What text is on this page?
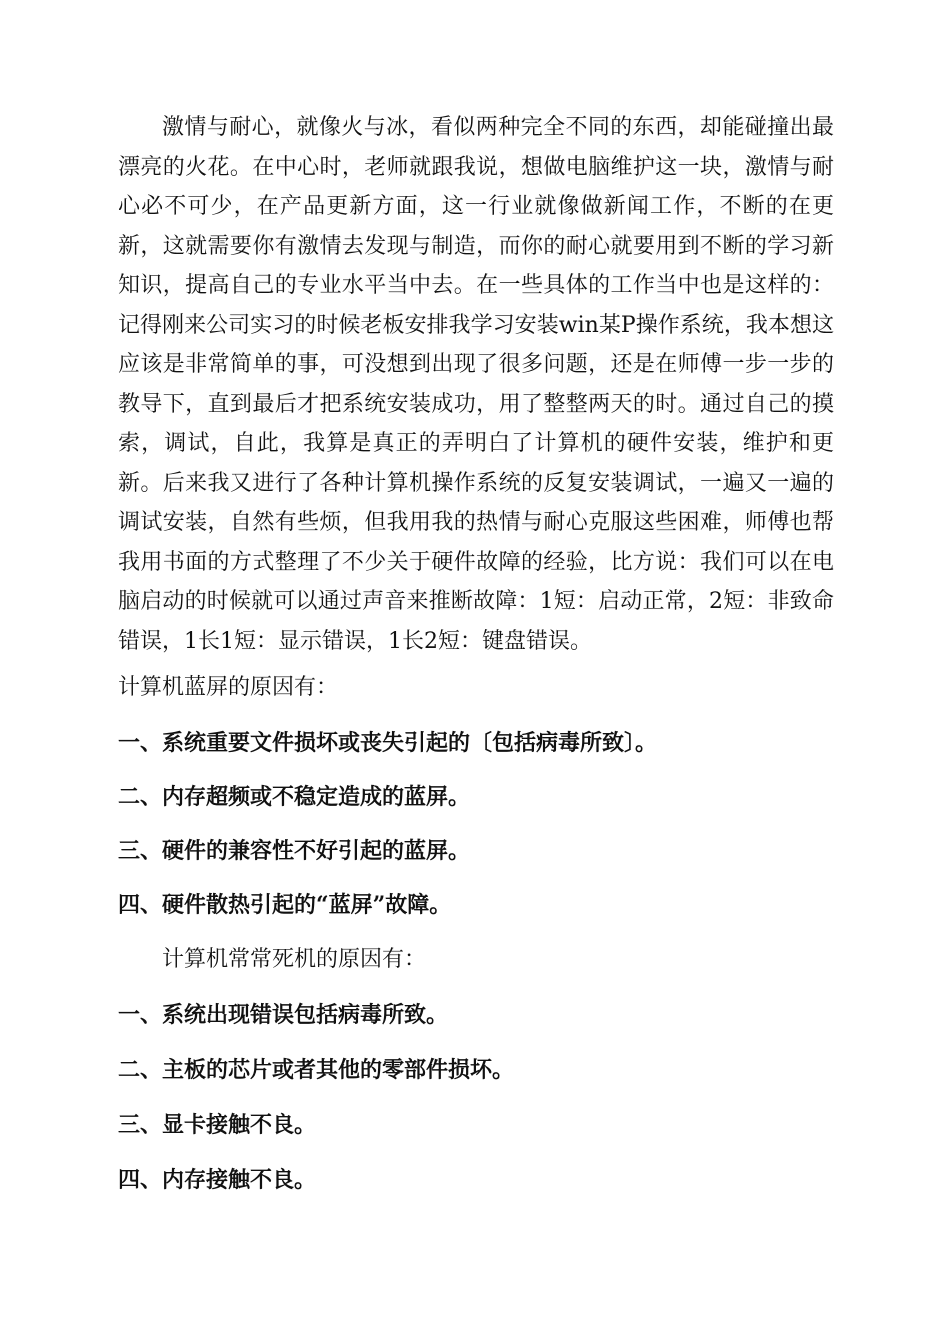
激情与耐心，就像火与冰，看似两种完全不同的东西，却能碰撞出最漂亮的火花。在中心时，老师就跟我说，想做电脑维护这一块，激情与耐心必不可少，在产品更新方面，这一行业就像做新闻工作，不断的在更新，这就需要你有激情去发现与制造，而你的耐心就要用到不断的学习新知识，提高自己的专业水平当中去。在一些具体的工作当中也是这样的：记得刚来公司实习的时候老板安排我学习安装win某P操作系统，我本想这应该是非常简单的事，可没想到出现了很多问题，还是在师傅一步一步的教导下，直到最后才把系统安装成功，用了整整两天的时。通过自己的摸索，调试，自此，我算是真正的弄明白了计算机的硬件安装，维护和更新。后来我又进行了各种计算机操作系统的反复安装调试，一遍又一遍的调试安装，自然有些烦，但我用我的热情与耐心克服这些困难，师傅也帮我用书面的方式整理了不少关于硬件故障的经验，比方说：我们可以在电脑启动的时候就可以通过声音来推断故障：1短：启动正常，2短：非致命错误，1长1短：显示错误，1长2短：键盘错误。

计算机蓝屏的原因有：

一、系统重要文件损坏或丧失引起的〔包括病毒所致〕。

二、内存超频或不稳定造成的蓝屏。

三、硬件的兼容性不好引起的蓝屏。

四、硬件散热引起的“蓝屏”故障。

计算机常常死机的原因有：

一、系统出现错误包括病毒所致。

二、主板的芯片或者其他的零部件损坏。

三、显卡接触不良。

四、内存接触不良。
